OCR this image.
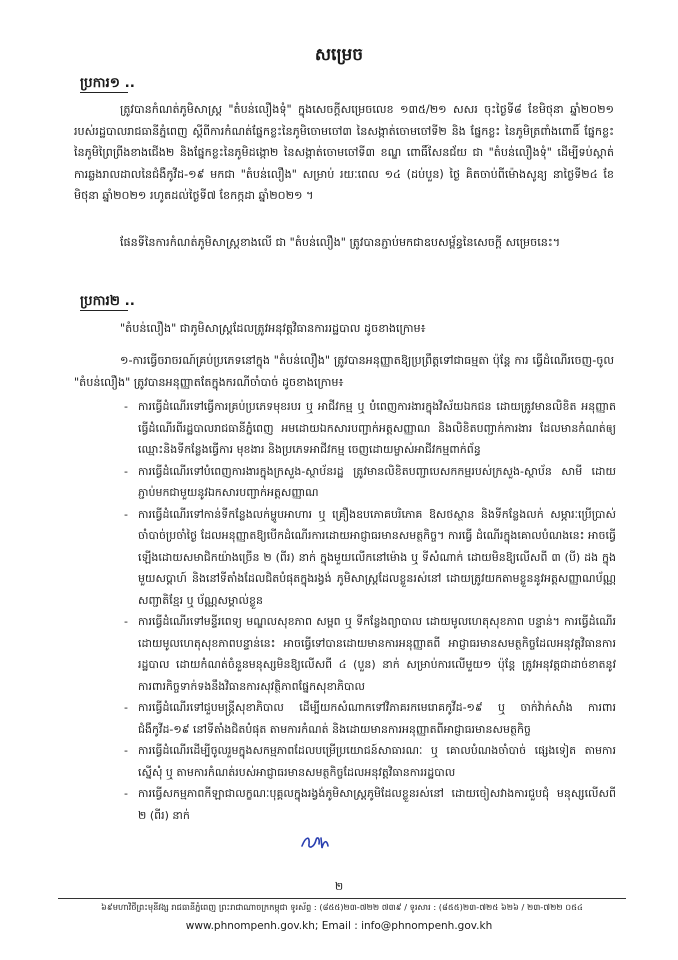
សម្រេច
ប្រការ១ ..
ត្រូវបានកំណត់ភូមិសាស្ត្រ "តំបន់លឿងទុំ" ក្នុងសេចក្តីសម្រេចលេខ ១៣៥/២១ សសរ ចុះថ្ងៃទី៨ ខែមិថុនា ឆ្នាំ២០២១ របស់រដ្ឋបាលរាជធានីភ្នំពេញ ស្តីពីការកំណត់ផ្នែកខ្លះនៃភូមិចោមចៅ៣ នៃសង្កាត់ចោមចៅទី២ និង ផ្នែកខ្លះ នៃភូមិត្រពាំងពោធិ៍ ផ្នែកខ្លះនៃភូមិព្រៃព្រីងខាងជើង២ និងផ្នែកខ្លះនៃភូមិដង្កោ២ នៃសង្កាត់ចោមចៅទី៣ ខណ្ឌ ពោធិ៍សែនជ័យ ជា "តំបន់លឿងទុំ" ដើម្បីទប់ស្កាត់ការឆ្លងរាលដាលនៃជំងឺកូវីដ-១៩ មកជា "តំបន់លឿង" សម្រាប់ រយៈពេល ១៤ (ដប់បួន) ថ្ងៃ គិតចាប់ពីម៉ោងសូន្យ នាថ្ងៃទី២៤ ខែមិថុនា ឆ្នាំ២០២១ រហូតដល់ថ្ងៃទី៧ ខែកក្កដា ឆ្នាំ២០២១ ។
ផែនទីនៃការកំណត់ភូមិសាស្ត្រខាងលើ ជា "តំបន់លឿង" ត្រូវបានភ្ជាប់មកជាឧបសម្ព័ន្ធនៃសេចក្តី សម្រេចនេះ។
ប្រការ២ ..
"តំបន់លឿង" ជាភូមិសាស្ត្រដែលត្រូវអនុវត្តវិធានការរដ្ឋបាល ដូចខាងក្រោម៖
១-ការធ្វើចរាចរណ៍គ្រប់ប្រភេទនៅក្នុង "តំបន់លឿង" ត្រូវបានអនុញ្ញាតឱ្យប្រព្រឹត្តទៅជាធម្មតា ប៉ុន្តែ ការ ធ្វើដំណើរចេញ-ចូល "តំបន់លឿង" ត្រូវបានអនុញ្ញាតតែក្នុងករណីចាំបាច់ ដូចខាងក្រោម៖
- ការធ្វើដំណើរទៅធ្វើការគ្រប់ប្រភេទមុខរបរ ឬ អាជីវកម្ម ឬ បំពេញការងារក្នុងវិស័យឯកជន ដោយត្រូវមានលិខិត អនុញ្ញាតធ្វើដំណើរពីរដ្ឋបាលរាជធានីភ្នំពេញ អមដោយឯកសារបញ្ជាក់អត្តសញ្ញាណ និងលិខិតបញ្ជាក់ការងារ ដែលមានកំណត់ឲ្យឈ្មោះនិងទីកន្លែងធ្វើការ មុខងារ និងប្រភេទអាជីវកម្ម ចេញដោយម្ចាស់អាជីវកម្មពាក់ព័ន្ធ
- ការធ្វើដំណើរទៅបំពេញការងារក្នុងក្រសួង-ស្ថាប័នរដ្ឋ ត្រូវមានលិខិតបញ្ជាបេសកកម្មរបស់ក្រសួង-ស្ថាប័ន សាមី ដោយភ្ជាប់មកជាមួយនូវឯកសារបញ្ជាក់អត្តសញ្ញាណ
- ការធ្វើដំណើរទៅកាន់ទីកន្លែងលក់ម្ហូបអាហារ ឬ គ្រឿងឧបភោគបរិភោគ ឱសថស្ថាន និងទីកន្លែងលក់ សម្ភារៈប្រើប្រាស់ចាំបាច់ប្រចាំថ្ងៃ ដែលអនុញ្ញាតឱ្យបើកដំណើរការដោយអាជ្ញាធរមានសមត្ថកិច្ច។ ការធ្វើ ដំណើរក្នុងគោលបំណងនេះ អាចធ្វើឡើងដោយសមាជិកយ៉ាងច្រើន ២ (ពីរ) នាក់ ក្នុងមួយលើកនៅម៉ោង ឬ ទីសំណាក់ ដោយមិនឱ្យលើសពី ៣ (បី) ដង ក្នុងមួយសប្តាហ៍ និងនៅទីតាំងដែលជិតបំផុតក្នុងរង្វង់ ភូមិសាស្ត្រដែលខ្លួនរស់នៅ ដោយត្រូវយកតាមខ្លួននូវអត្តសញ្ញាណប័ណ្ណសញ្ជាតិខ្មែរ ឬ ប័ណ្ណសម្គាល់ខ្លួន
- ការធ្វើដំណើរទៅមន្ទីរពេទ្យ មណ្ឌលសុខភាព សម្ពព ឬ ទីកន្លែងព្យាបាល ដោយមូលហេតុសុខភាព បន្ទាន់។ ការធ្វើដំណើរដោយមូលហេតុសុខភាពបន្ទាន់នេះ អាចធ្វើទៅបានដោយមានការអនុញ្ញាតពី អាជ្ញាធរមានសមត្ថកិច្ចដែលអនុវត្តវិធានការរដ្ឋបាល ដោយកំណត់ចំនួនមនុស្សមិនឱ្យលើសពី ៤ (បួន) នាក់ សម្រាប់ការលើមួយ១ ប៉ុន្តែ ត្រូវអនុវត្តជាដាច់ខាតនូវការពារកិច្ចទាក់ទងនឹងវិធានការសុវត្ថិភាពផ្នែកសុខាភិបាល
- ការធ្វើដំណើរទៅជួបមន្ត្រីសុខាភិបាល ដើម្បីយកសំណាកទៅវិភាគរកមេរោគកូវីដ-១៩ ឬ ចាក់វ៉ាក់សាំង ការពារជំងឺកូវីដ-១៩ នៅទីតាំងជិតបំផុត តាមការកំណត់ និងដោយមានការអនុញ្ញាតពីអាជ្ញាធរមានសមត្ថកិច្ច
- ការធ្វើដំណើរដើម្បីចូលរួមក្នុងសកម្មភាពដែលបម្រើប្រយោជន៍សាធារណៈ ឬ គោលបំណងចាំបាច់ ផ្សេងទៀត តាមការស្នើសុំ ឬ តាមការកំណត់របស់អាជ្ញាធរមានសមត្ថកិច្ចដែលអនុវត្តវិធានការរដ្ឋបាល
- ការធ្វើសកម្មភាពកីឡាជាលក្ខណៈបុគ្គលក្នុងរង្វង់ភូមិសាស្ត្រភូមិដែលខ្លួនរស់នៅ ដោយចៀសវាងការជួបជុំ មនុស្សលើសពី ២ (ពីរ) នាក់
២
៦៩មហាវិថីព្រះមុនីវង្ស រាជធានីភ្នំពេញ ព្រះរាជាណាចក្រកម្ពុជា ទូរស័ព្ទ : (៨៥៥)២៣-៧២២ ៧៣៩ / ទូរសារ : (៨៥៥)២៣-៧២៥ ៦២៦ / ២៣-៧២២ ០៥៤
www.phnompenh.gov.kh; Email : info@phnompenh.gov.kh
